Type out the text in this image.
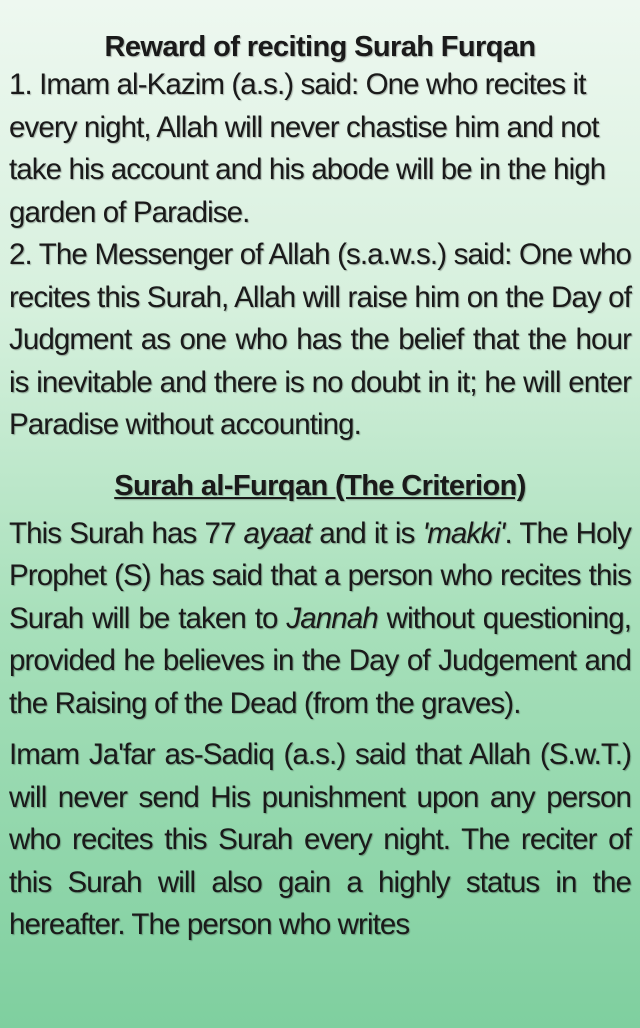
Reward of reciting Surah Furqan

1. Imam al-Kazim (a.s.) said: One who recites it every night, Allah will never chastise him and not take his account and his abode will be in the high garden of Paradise.

2. The Messenger of Allah (s.a.w.s.) said: One who recites this Surah, Allah will raise him on the Day of Judgment as one who has the belief that the hour is inevitable and there is no doubt in it; he will enter Paradise without accounting.

Surah al-Furqan (The Criterion)

This Surah has 77 ayaat and it is 'makki'. The Holy Prophet (S) has said that a person who recites this Surah will be taken to Jannah without questioning, provided he believes in the Day of Judgement and the Raising of the Dead (from the graves).

Imam Ja'far as-Sadiq (a.s.) said that Allah (S.w.T.) will never send His punishment upon any person who recites this Surah every night. The reciter of this Surah will also gain a highly status in the hereafter. The person who writes
